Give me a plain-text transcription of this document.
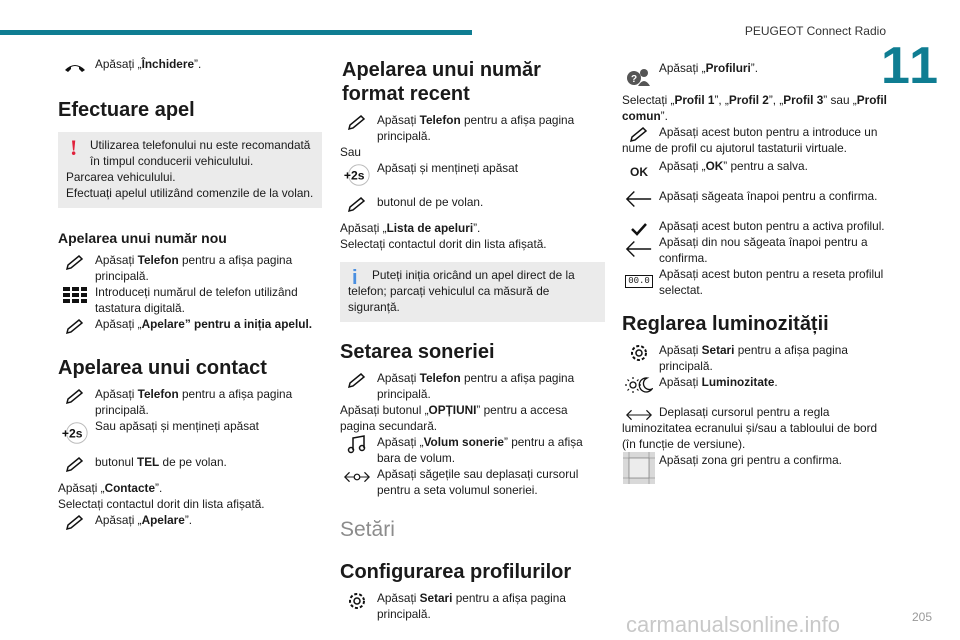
PEUGEOT Connect Radio
11

Apăsați „Închidere”.

Efectuare apel

!	Utilizarea telefonului nu este recomandată în timpul conducerii vehiculului.

Parcarea vehiculului.

Efectuați apelul utilizând comenzile de la volan.

Apelarea unui număr nou

Apăsați Telefon pentru a afișa pagina principală.

Introduceți numărul de telefon utilizând tastatura digitală.

Apăsați „Apelare” pentru a iniția apelul.

Apelarea unui contact

Apăsați Telefon pentru a afișa pagina principală.

+2s

Sau apăsați și mențineți apăsat

butonul TEL de pe volan.

Apăsați „Contacte”.

Selectați contactul dorit din lista afișată.

Apăsați „Apelare”.

Apelarea unui număr format recent

Apăsați Telefon pentru a afișa pagina principală.

Sau

+2s

Apăsați și mențineți apăsat

butonul de pe volan.

Apăsați „Lista de apeluri”.

Selectați contactul dorit din lista afișată.

i	Puteți iniția oricând un apel direct de la telefon; parcați vehiculul ca măsură de siguranță.

Setarea soneriei

Apăsați Telefon pentru a afișa pagina principală.

Apăsați butonul „OPȚIUNI” pentru a accesa pagina secundară.

Apăsați „Volum sonerie” pentru a afișa bara de volum.

Apăsați săgețile sau deplasați cursorul pentru a seta volumul soneriei.

Setări

Configurarea profilurilor

Apăsați Setari pentru a afișa pagina principală.

?

Apăsați „Profiluri”.

Selectați „Profil 1”, „Profil 2”, „Profil 3” sau „Profil comun”.

Apăsați acest buton pentru a introduce un nume de profil cu ajutorul tastaturii virtuale.

OK Apăsați „OK” pentru a salva.

Apăsați săgeata înapoi pentru a confirma.

Apăsați acest buton pentru a activa profilul.

Apăsați din nou săgeata înapoi pentru a confirma.

00.0 Apăsați acest buton pentru a reseta profilul selectat.

Reglarea luminozității

Apăsați Setari pentru a afișa pagina principală.

Apăsați Luminozitate.

Deplasați cursorul pentru a regla luminozitatea ecranului și/sau a tabloului de bord (în funcție de versiune).

Apăsați zona gri pentru a confirma.

carmanualsonline.info	205
